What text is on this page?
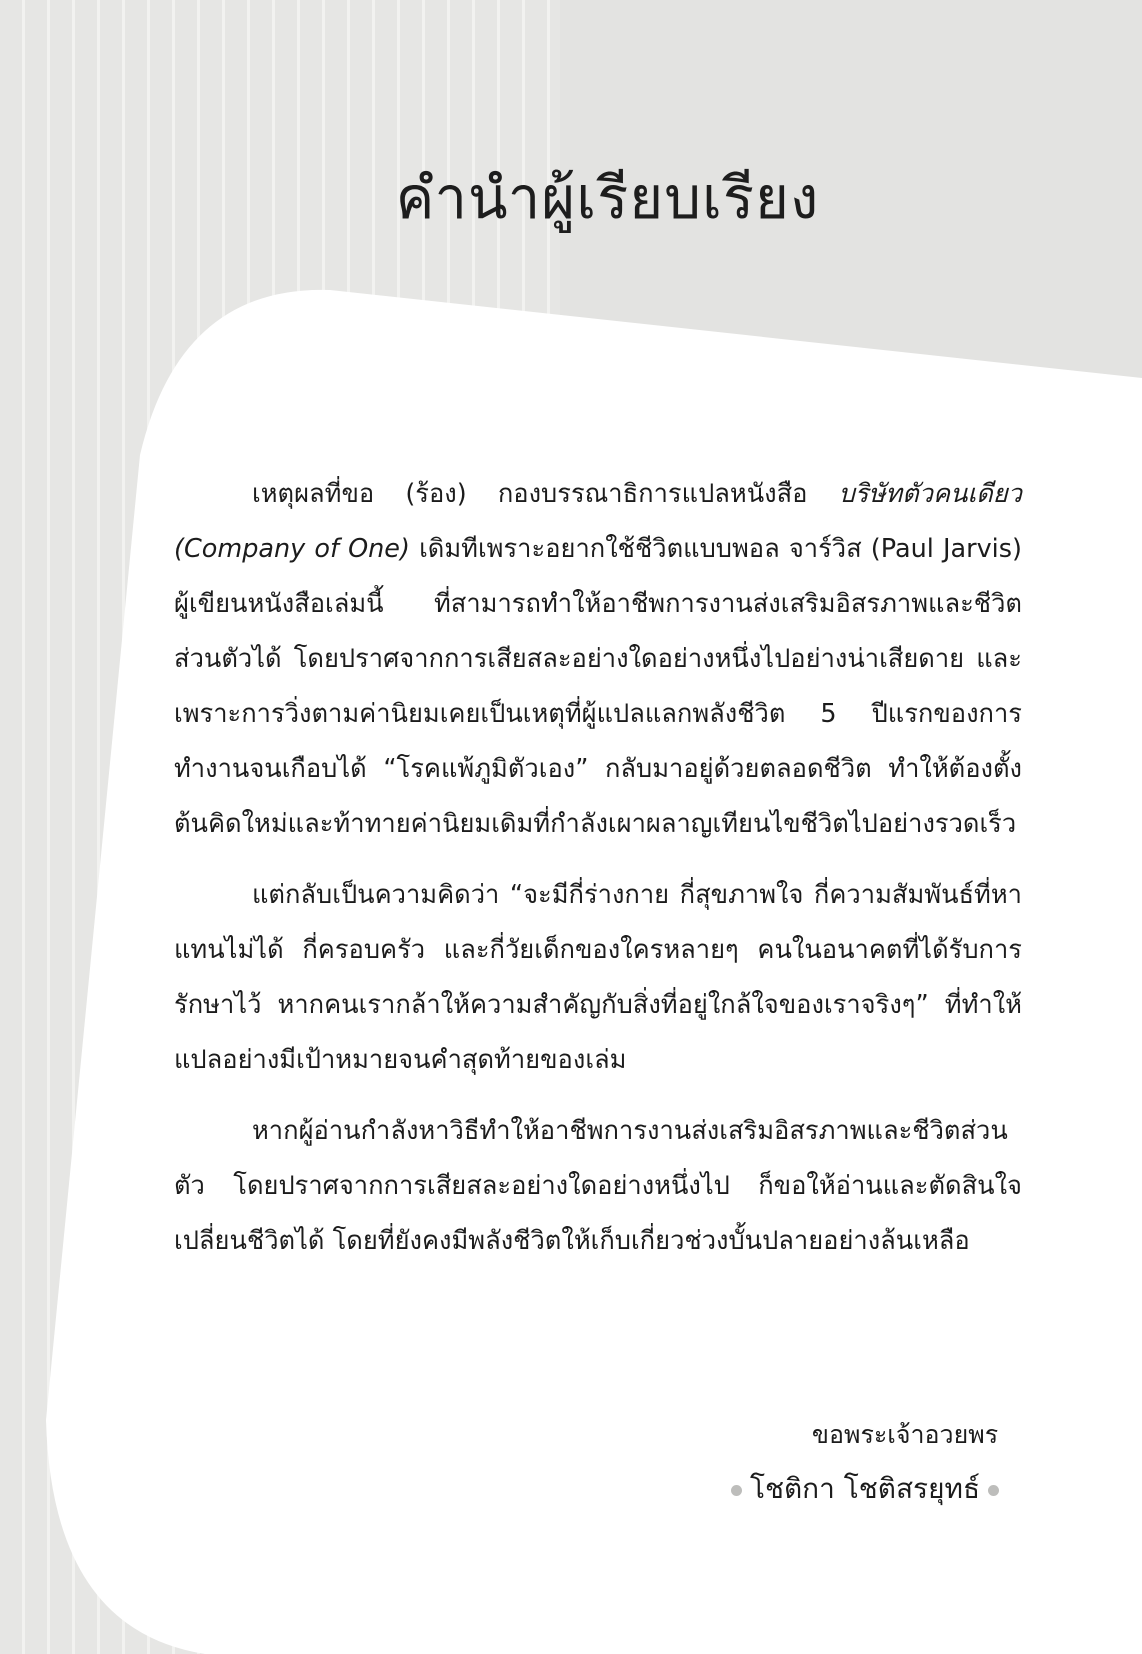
คำนำผู้เรียบเรียง

เหตุผลที่ขอ (ร้อง) กองบรรณาธิการแปลหนังสือ บริษัทตัวคนเดียว (Company of One) เดิมทีเพราะอยากใช้ชีวิตแบบพอล จาร์วิส (Paul Jarvis) ผู้เขียนหนังสือเล่มนี้ ที่สามารถทำให้อาชีพการงานส่งเสริมอิสรภาพและชีวิตส่วนตัวได้ โดยปราศจากการเสียสละอย่างใดอย่างหนึ่งไปอย่างน่าเสียดาย และเพราะการวิ่งตามค่านิยมเคยเป็นเหตุที่ผู้แปลแลกพลังชีวิต 5 ปีแรกของการทำงานจนเกือบได้ “โรคแพ้ภูมิตัวเอง” กลับมาอยู่ด้วยตลอดชีวิต ทำให้ต้องตั้งต้นคิดใหม่และท้าทายค่านิยมเดิมที่กำลังเผาผลาญเทียนไขชีวิตไปอย่างรวดเร็ว

แต่กลับเป็นความคิดว่า “จะมีกี่ร่างกาย กี่สุขภาพใจ กี่ความสัมพันธ์ที่หาแทนไม่ได้ กี่ครอบครัว และกี่วัยเด็กของใครหลายๆ คนในอนาคตที่ได้รับการรักษาไว้ หากคนเรากล้าให้ความสำคัญกับสิ่งที่อยู่ใกล้ใจของเราจริงๆ” ที่ทำให้แปลอย่างมีเป้าหมายจนคำสุดท้ายของเล่ม

หากผู้อ่านกำลังหาวิธีทำให้อาชีพการงานส่งเสริมอิสรภาพและชีวิตส่วนตัว โดยปราศจากการเสียสละอย่างใดอย่างหนึ่งไป ก็ขอให้อ่านและตัดสินใจเปลี่ยนชีวิตได้ โดยที่ยังคงมีพลังชีวิตให้เก็บเกี่ยวช่วงบั้นปลายอย่างล้นเหลือ

ขอพระเจ้าอวยพร
โชติกา โชติสรยุทธ์
